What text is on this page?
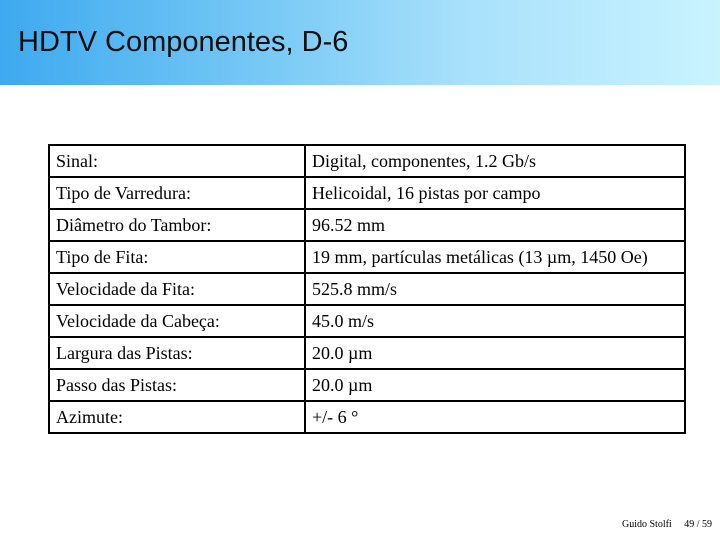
HDTV Componentes, D-6
Sinal:	Digital, componentes, 1.2 Gb/s
Tipo de Varredura:	Helicoidal, 16 pistas por campo
Diâmetro do Tambor:	96.52 mm
Tipo de Fita:	19 mm, partículas metálicas (13 µm, 1450 Oe)
Velocidade da Fita:	525.8 mm/s
Velocidade da Cabeça:	45.0 m/s
Largura das Pistas:	20.0 µm
Passo das Pistas:	20.0 µm
Azimute:	+/- 6 °
Guido Stolfi 49 / 59
